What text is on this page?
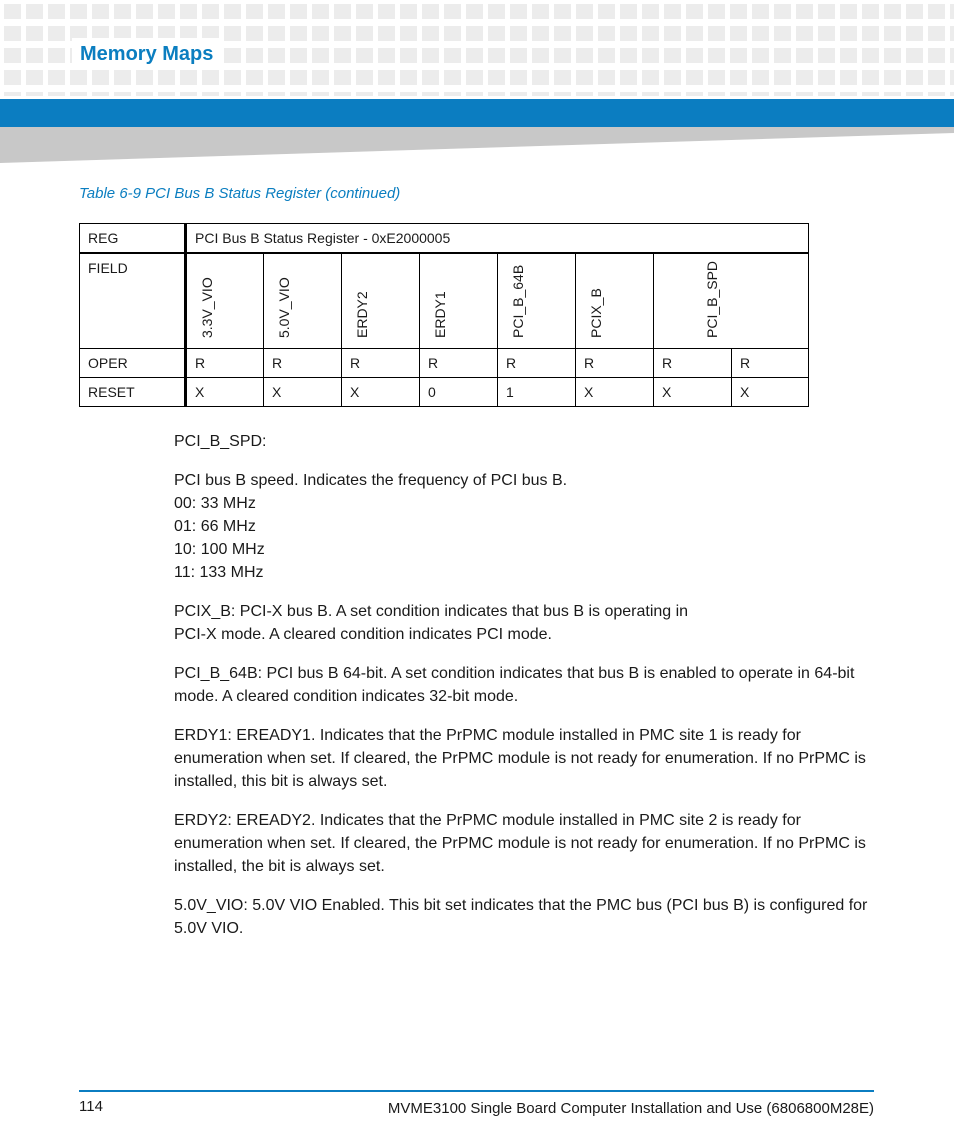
Memory Maps
Table 6-9 PCI Bus B Status Register (continued)
REG	PCI Bus B Status Register - 0xE2000005							
FIELD	3.3V_VIO	5.0V_VIO	ERDY2	ERDY1	PCI_B_64B	PCIX_B	PCI_B_SPD	

OPER	R	R	R	R	R	R	R	R
RESET	X	X	X	0	1	X	X	X

PCI_B_SPD:

PCI bus B speed. Indicates the frequency of PCI bus B.
00: 33 MHz
01: 66 MHz
10: 100 MHz
11: 133 MHz

PCIX_B: PCI-X bus B. A set condition indicates that bus B is operating in
PCI-X mode. A cleared condition indicates PCI mode.

PCI_B_64B: PCI bus B 64-bit. A set condition indicates that bus B is enabled to operate in 64-bit mode. A cleared condition indicates 32-bit mode.

ERDY1: EREADY1. Indicates that the PrPMC module installed in PMC site 1 is ready for enumeration when set. If cleared, the PrPMC module is not ready for enumeration. If no PrPMC is installed, this bit is always set.

ERDY2: EREADY2. Indicates that the PrPMC module installed in PMC site 2 is ready for enumeration when set. If cleared, the PrPMC module is not ready for enumeration. If no PrPMC is installed, the bit is always set.

5.0V_VIO: 5.0V VIO Enabled. This bit set indicates that the PMC bus (PCI bus B) is configured for 5.0V VIO.

114	MVME3100 Single Board Computer Installation and Use (6806800M28E)
